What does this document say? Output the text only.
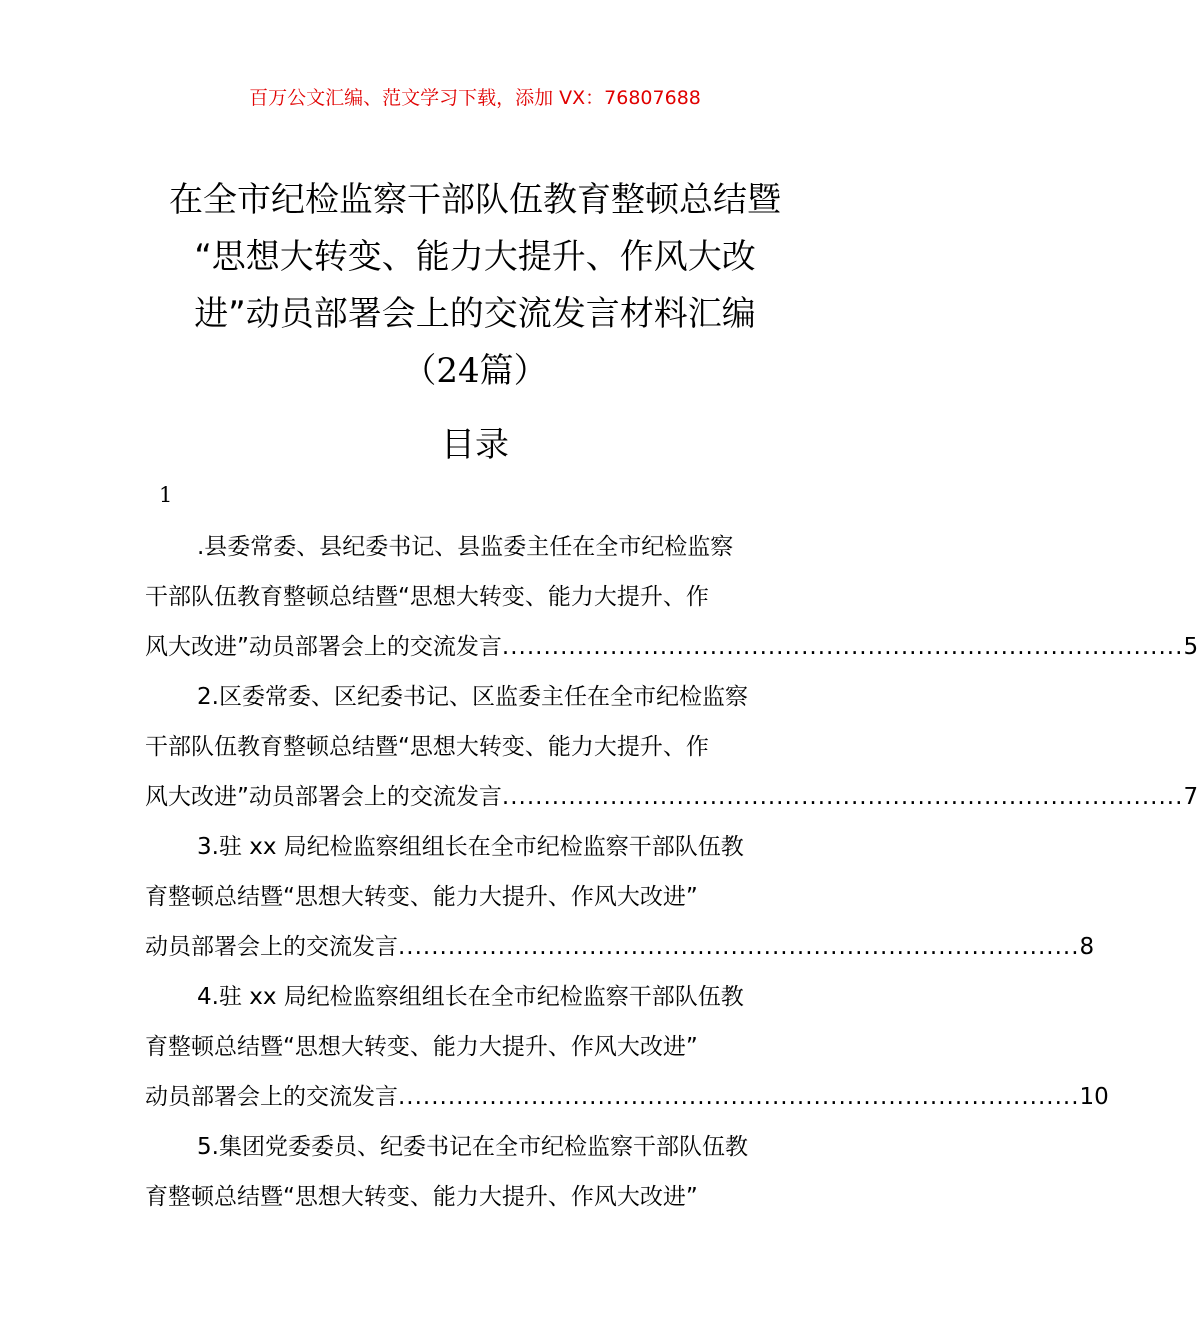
百万公文汇编、范文学习下载，添加 VX：76807688
在全市纪检监察干部队伍教育整顿总结暨
“思想大转变、能力大提升、作风大改
进”动员部署会上的交流发言材料汇编
（24篇）
目录
1
.县委常委、县纪委书记、县监委主任在全市纪检监察
干部队伍教育整顿总结暨“思想大转变、能力大提升、作
风大改进”动员部署会上的交流发言 .................................................................................. 5
2.区委常委、区纪委书记、区监委主任在全市纪检监察
干部队伍教育整顿总结暨“思想大转变、能力大提升、作
风大改进”动员部署会上的交流发言 .................................................................................. 7
3.驻 xx 局纪检监察组组长在全市纪检监察干部队伍教
育整顿总结暨“思想大转变、能力大提升、作风大改进”
动员部署会上的交流发言 .................................................................................. 8
4.驻 xx 局纪检监察组组长在全市纪检监察干部队伍教
育整顿总结暨“思想大转变、能力大提升、作风大改进”
动员部署会上的交流发言 .................................................................................. 10
5.集团党委委员、纪委书记在全市纪检监察干部队伍教
育整顿总结暨“思想大转变、能力大提升、作风大改进”
